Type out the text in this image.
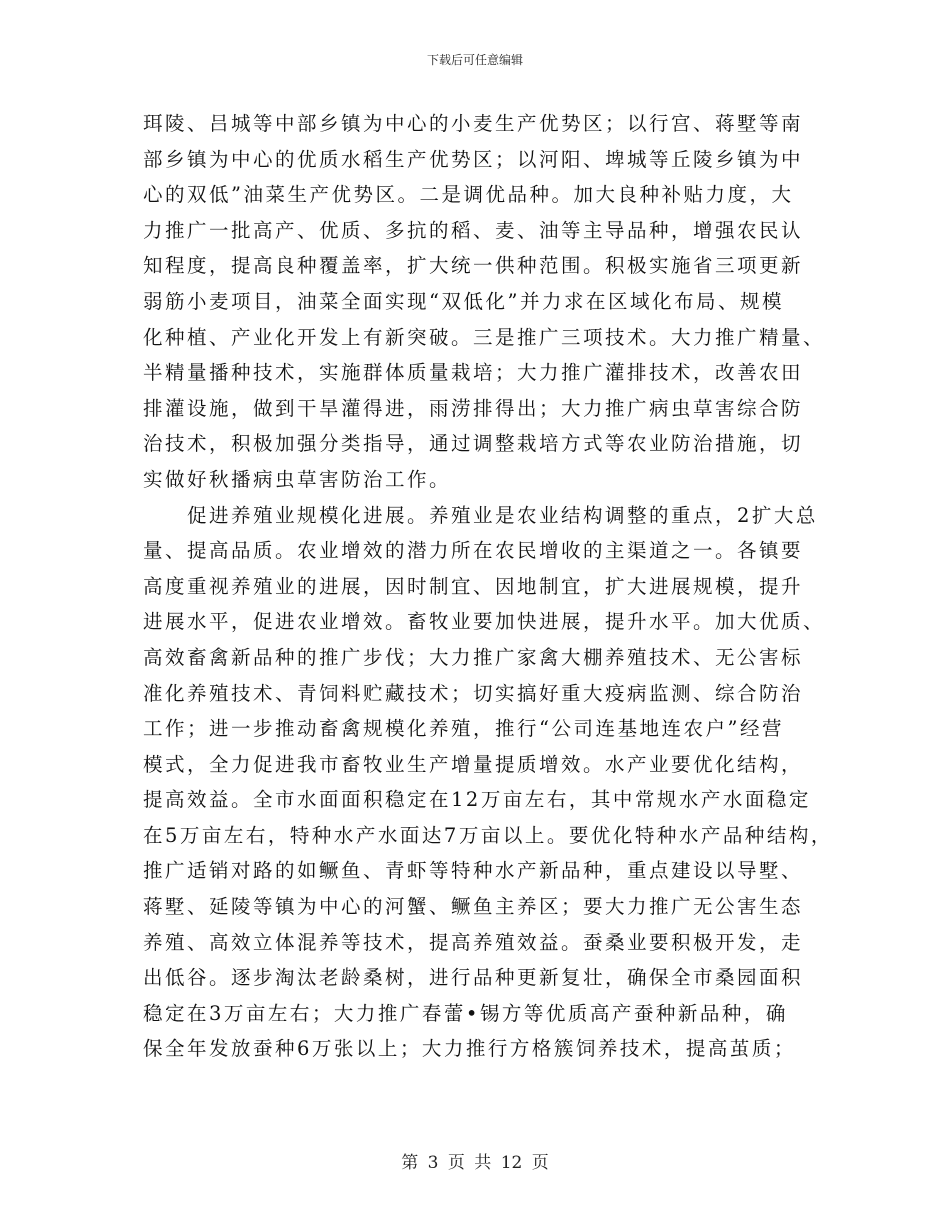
下载后可任意编辑
珥陵、吕城等中部乡镇为中心的小麦生产优势区；以行宫、蒋墅等南
部乡镇为中心的优质水稻生产优势区；以河阳、埤城等丘陵乡镇为中
心的双低”油菜生产优势区。二是调优品种。加大良种补贴力度，大
力推广一批高产、优质、多抗的稻、麦、油等主导品种，增强农民认
知程度，提高良种覆盖率，扩大统一供种范围。积极实施省三项更新
弱筋小麦项目，油菜全面实现“双低化”并力求在区域化布局、规模
化种植、产业化开发上有新突破。三是推广三项技术。大力推广精量、
半精量播种技术，实施群体质量栽培；大力推广灌排技术，改善农田
排灌设施，做到干旱灌得进，雨涝排得出；大力推广病虫草害综合防
治技术，积极加强分类指导，通过调整栽培方式等农业防治措施，切
实做好秋播病虫草害防治工作。
　　促进养殖业规模化进展。养殖业是农业结构调整的重点，2扩大总
量、提高品质。农业增效的潜力所在农民增收的主渠道之一。各镇要
高度重视养殖业的进展，因时制宜、因地制宜，扩大进展规模，提升
进展水平，促进农业增效。畜牧业要加快进展，提升水平。加大优质、
高效畜禽新品种的推广步伐；大力推广家禽大棚养殖技术、无公害标
准化养殖技术、青饲料贮藏技术；切实搞好重大疫病监测、综合防治
工作；进一步推动畜禽规模化养殖，推行“公司连基地连农户”经营
模式，全力促进我市畜牧业生产增量提质增效。水产业要优化结构，
提高效益。全市水面面积稳定在12万亩左右，其中常规水产水面稳定
在5万亩左右，特种水产水面达7万亩以上。要优化特种水产品种结构，
推广适销对路的如鳜鱼、青虾等特种水产新品种，重点建设以导墅、
蒋墅、延陵等镇为中心的河蟹、鳜鱼主养区；要大力推广无公害生态
养殖、高效立体混养等技术，提高养殖效益。蚕桑业要积极开发，走
出低谷。逐步淘汰老龄桑树，进行品种更新复壮，确保全市桑园面积
稳定在3万亩左右；大力推广春蕾•锡方等优质高产蚕种新品种，确
保全年发放蚕种6万张以上；大力推行方格簇饲养技术，提高茧质；
第 3 页 共 12 页
